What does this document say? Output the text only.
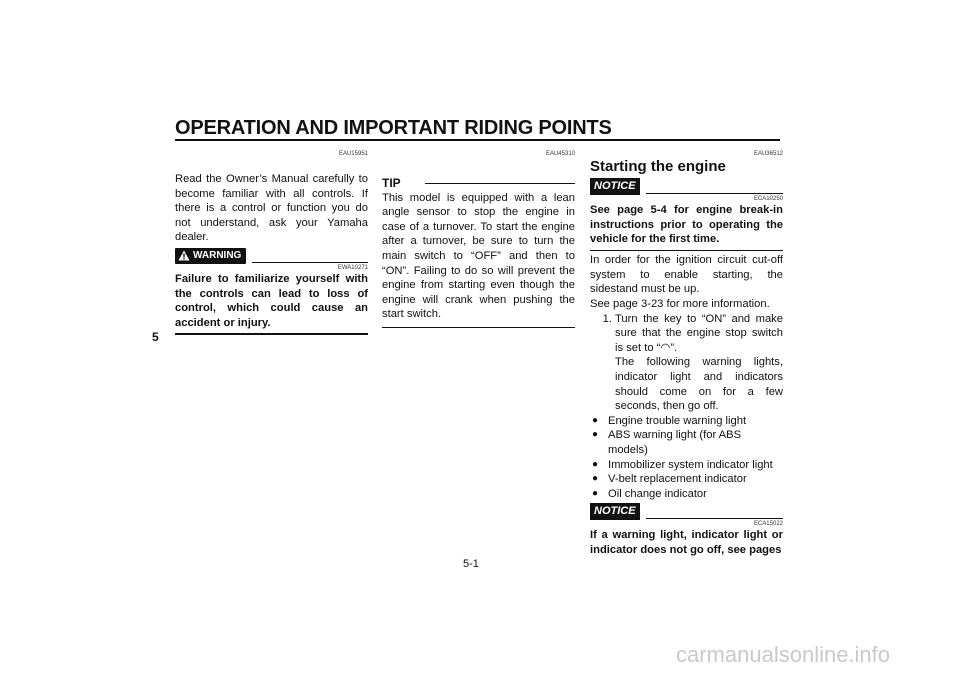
OPERATION AND IMPORTANT RIDING POINTS
5
EAU15951

Read the Owner’s Manual carefully to become familiar with all controls. If there is a control or function you do not understand, ask your Yamaha dealer.

WARNING
EWA10271

Failure to familiarize yourself with the controls can lead to loss of control, which could cause an accident or injury.

EAU45310
TIP

This model is equipped with a lean angle sensor to stop the engine in case of a turnover. To start the engine after a turnover, be sure to turn the main switch to “OFF” and then to “ON”. Failing to do so will prevent the engine from starting even though the engine will crank when pushing the start switch.

EAU36512
Starting the engine
NOTICE
ECA10250

See page 5-4 for engine break-in instructions prior to operating the vehicle for the first time.

In order for the ignition circuit cut-off system to enable starting, the sidestand must be up.

See page 3-23 for more information.

1. Turn the key to “ON” and make sure that the engine stop switch is set to “◠”.

The following warning lights, indicator light and indicators should come on for a few seconds, then go off.

● Engine trouble warning light
● ABS warning light (for ABS models)
● Immobilizer system indicator light
● V-belt replacement indicator
● Oil change indicator
NOTICE
ECA15022

If a warning light, indicator light or indicator does not go off, see pages

5-1
carmanualsonline.info
